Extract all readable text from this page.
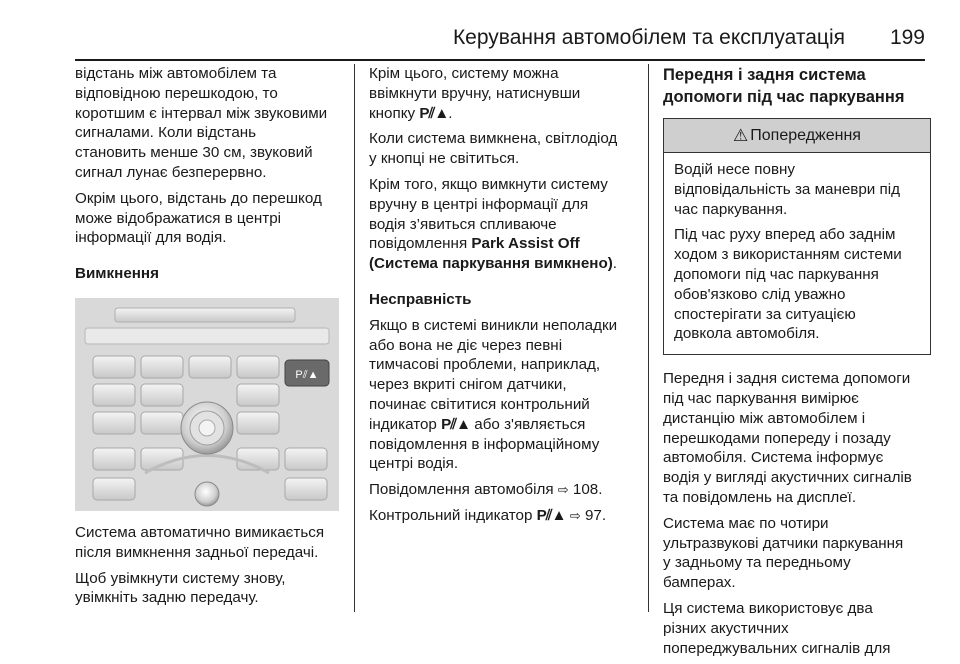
Керування автомобілем та експлуатація 199

відстань між автомобілем та
відповідною перешкодою, то
коротшим є інтервал між звуковими
сигналами. Коли відстань
становить менше 30 см, звуковий
сигнал лунає безперервно.

Окрім цього, відстань до перешкод
може відображатися в центрі
інформації для водія.

Вимкнення

P⫽▲

Система автоматично вимикається
після вимкнення задньої передачі.

Щоб увімкнути систему знову,
увімкніть задню передачу.

Крім цього, систему можна
ввімкнути вручну, натиснувши
кнопку P⫽▲.

Коли система вимкнена, світлодіод
у кнопці не світиться.

Крім того, якщо вимкнути систему
вручну в центрі інформації для
водія з’явиться спливаюче
повідомлення Park Assist Off
(Система паркування вимкнено).

Несправність

Якщо в системі виникли неполадки
або вона не діє через певні
тимчасові проблеми, наприклад,
через вкриті снігом датчики,
починає світитися контрольний
індикатор P⫽▲ або з'являється
повідомлення в інформаційному
центрі водія.

Повідомлення автомобіля ⇨ 108.

Контрольний індикатор P⫽▲ ⇨ 97.

Передня і задня система
допомоги під час паркування
⚠ Попередження

Водій несе повну
відповідальність за маневри під
час паркування.

Під час руху вперед або заднім
ходом з використанням системи
допомоги під час паркування
обов'язково слід уважно
спостерігати за ситуацією
довкола автомобіля.

Передня і задня система допомоги
під час паркування вимірює
дистанцію між автомобілем і
перешкодами попереду і позаду
автомобіля. Система інформує
водія у вигляді акустичних сигналів
та повідомлень на дисплеї.

Система має по чотири
ультразвукові датчики паркування
у задньому та передньому
бамперах.

Ця система використовує два
різних акустичних
попереджувальних сигналів для
